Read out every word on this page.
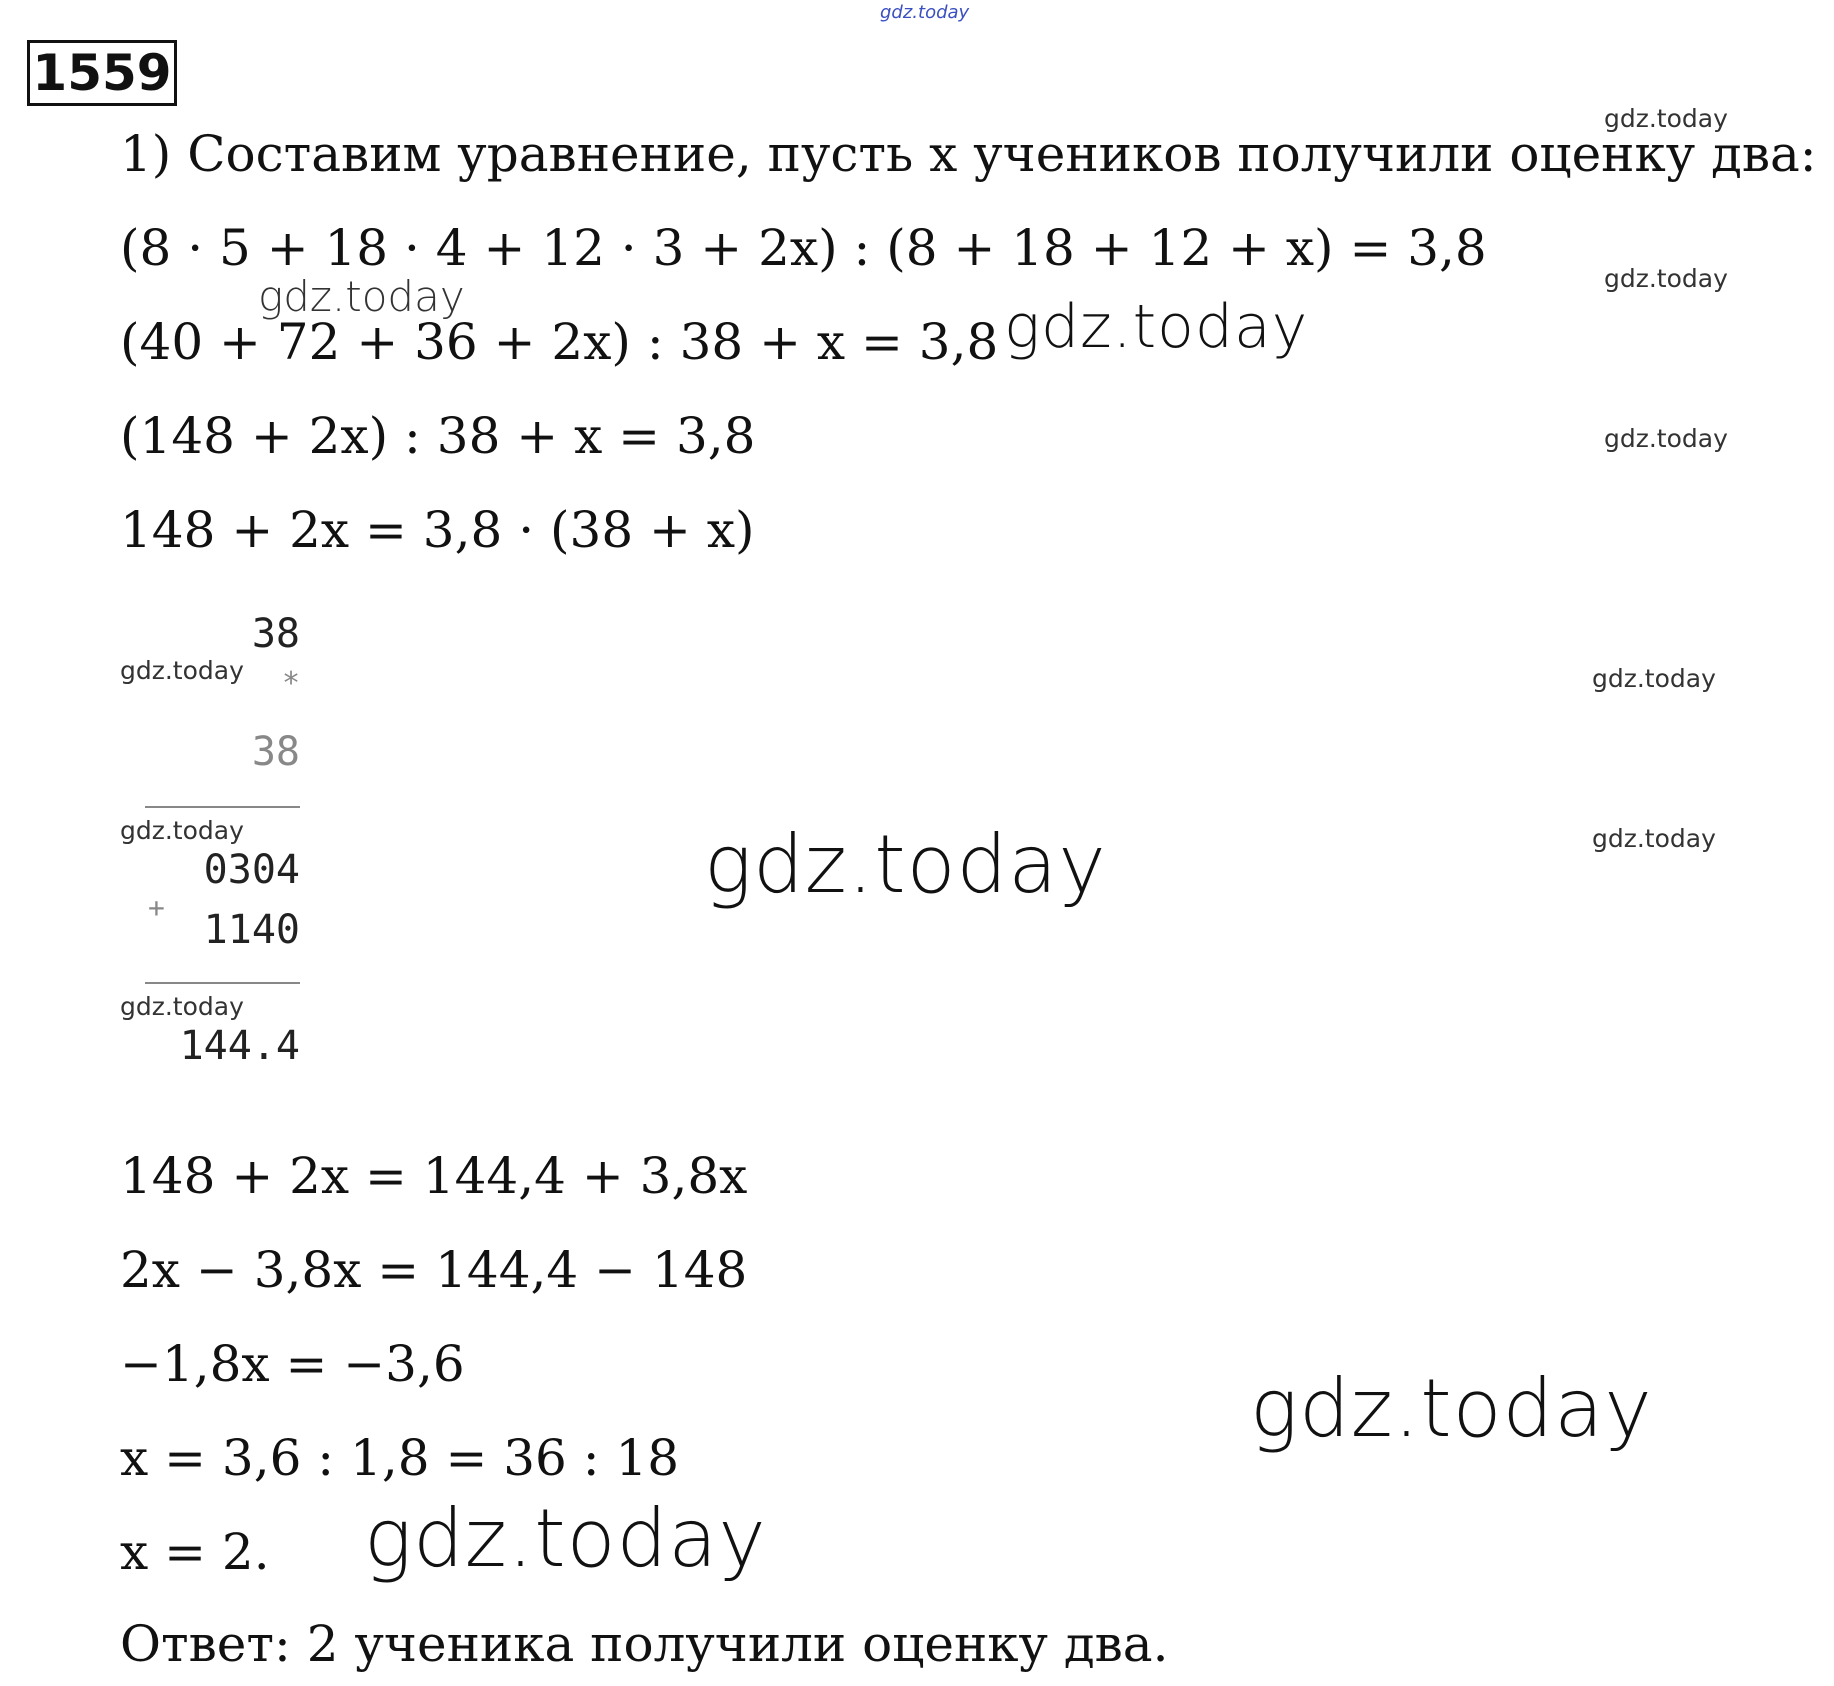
gdz.today
1559
1) Составим уравнение, пусть x учеников получили оценку два:
(8 · 5 + 18 · 4 + 12 · 3 + 2x) : (8 + 18 + 12 + x) = 3,8
(40 + 72 + 36 + 2x) : 38 + x = 3,8
(148 + 2x) : 38 + x = 3,8
148 + 2x = 3,8 · (38 + x)
38
*
38
0304
+ 1140
144.4
148 + 2x = 144,4 + 3,8x
2x − 3,8x = 144,4 − 148
−1,8x = −3,6
x = 3,6 : 1,8 = 36 : 18
x = 2.
Ответ: 2 ученика получили оценку два.
gdz.today
gdz.today
gdz.today
gdz.today
gdz.today
gdz.today
gdz.today
gdz.today
gdz.today	gdz.today
gdz.today
gdz.today
gdz.today
